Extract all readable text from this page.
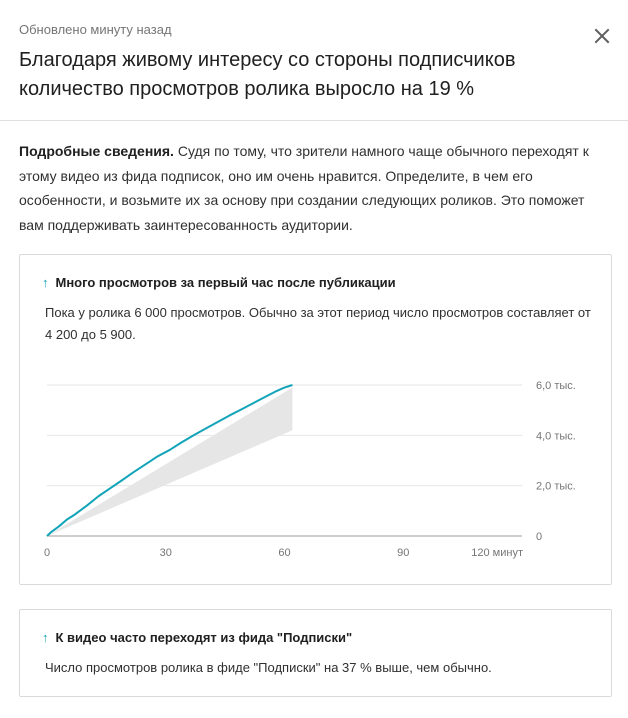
Обновлено минуту назад
Благодаря живому интересу со стороны подписчиков
количество просмотров ролика выросло на 19 %
Подробные сведения. Судя по тому, что зрители намного чаще обычного переходят к этому видео из фида подписок, оно им очень нравится. Определите, в чем его особенности, и возьмите их за основу при создании следующих роликов. Это поможет вам поддерживать заинтересованность аудитории.
↑ Много просмотров за первый час после публикации
Пока у ролика 6 000 просмотров. Обычно за этот период число просмотров составляет от 4 200 до 5 900.
0
2,0 тыс.
4,0 тыс.
6,0 тыс.
0	30	60	90	120 минут
↑ К видео часто переходят из фида "Подписки"
Число просмотров ролика в фиде "Подписки" на 37 % выше, чем обычно.
